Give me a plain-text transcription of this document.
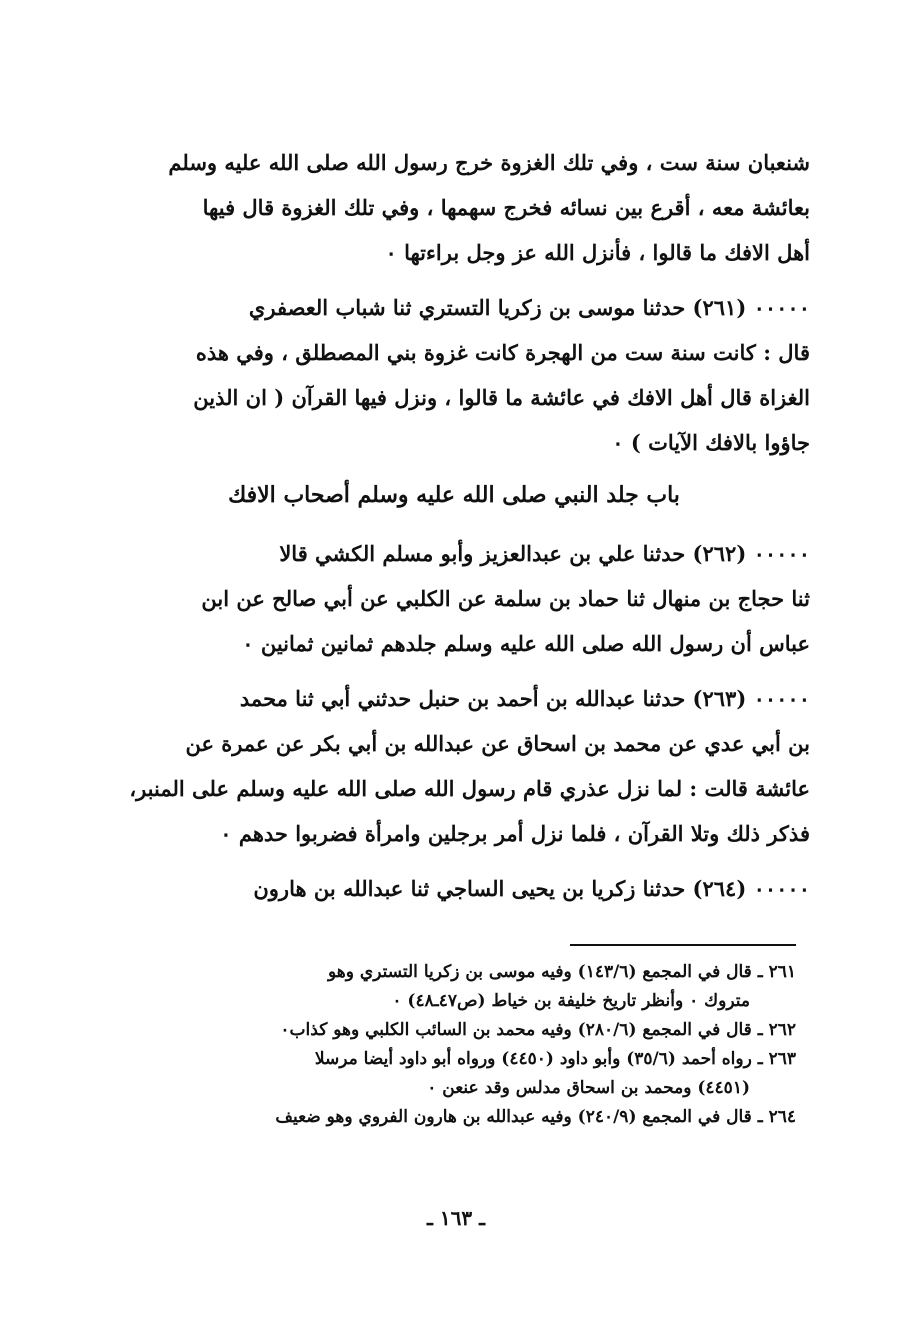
شنعبان سنة ست ، وفي تلك الغزوة خرج رسول الله صلى الله عليه وسلم
بعائشة معه ، أقرع بين نسائه فخرج سهمها ، وفي تلك الغزوة قال فيها
أهل الافك ما قالوا ، فأنزل الله عز وجل براءتها ٠
٠٠٠٠٠ (٢٦١) حدثنا موسى بن زكريا التستري ثنا شباب العصفري
قال : كانت سنة ست من الهجرة كانت غزوة بني المصطلق ، وفي هذه
الغزاة قال أهل الافك في عائشة ما قالوا ، ونزل فيها القرآن ( ان الذين
جاؤوا بالافك الآيات ) ٠
باب جلد النبي صلى الله عليه وسلم أصحاب الافك
٠٠٠٠٠ (٢٦٢) حدثنا علي بن عبدالعزيز وأبو مسلم الكشي قالا
ثنا حجاج بن منهال ثنا حماد بن سلمة عن الكلبي عن أبي صالح عن ابن
عباس أن رسول الله صلى الله عليه وسلم جلدهم ثمانين ثمانين ٠
٠٠٠٠٠ (٢٦٣) حدثنا عبدالله بن أحمد بن حنبل حدثني أبي ثنا محمد
بن أبي عدي عن محمد بن اسحاق عن عبدالله بن أبي بكر عن عمرة عن
عائشة قالت : لما نزل عذري قام رسول الله صلى الله عليه وسلم على المنبر،
فذكر ذلك وتلا القرآن ، فلما نزل أمر برجلين وامرأة فضربوا حدهم ٠
٠٠٠٠٠ (٢٦٤) حدثنا زكريا بن يحيى الساجي ثنا عبدالله بن هارون
٢٦١ ـ قال في المجمع (١٤٣/٦) وفيه موسى بن زكريا التستري وهو
متروك ٠ وأنظر تاريخ خليفة بن خياط (ص٤٧ـ٤٨) ٠
٢٦٢ ـ قال في المجمع (٢٨٠/٦) وفيه محمد بن السائب الكلبي وهو كذاب٠
٢٦٣ ـ رواه أحمد (٣٥/٦) وأبو داود (٤٤٥٠) ورواه أبو داود أيضا مرسلا
(٤٤٥١) ومحمد بن اسحاق مدلس وقد عنعن ٠
٢٦٤ ـ قال في المجمع (٢٤٠/٩) وفيه عبدالله بن هارون الفروي وهو ضعيف
ـ ١٦٣ ـ
